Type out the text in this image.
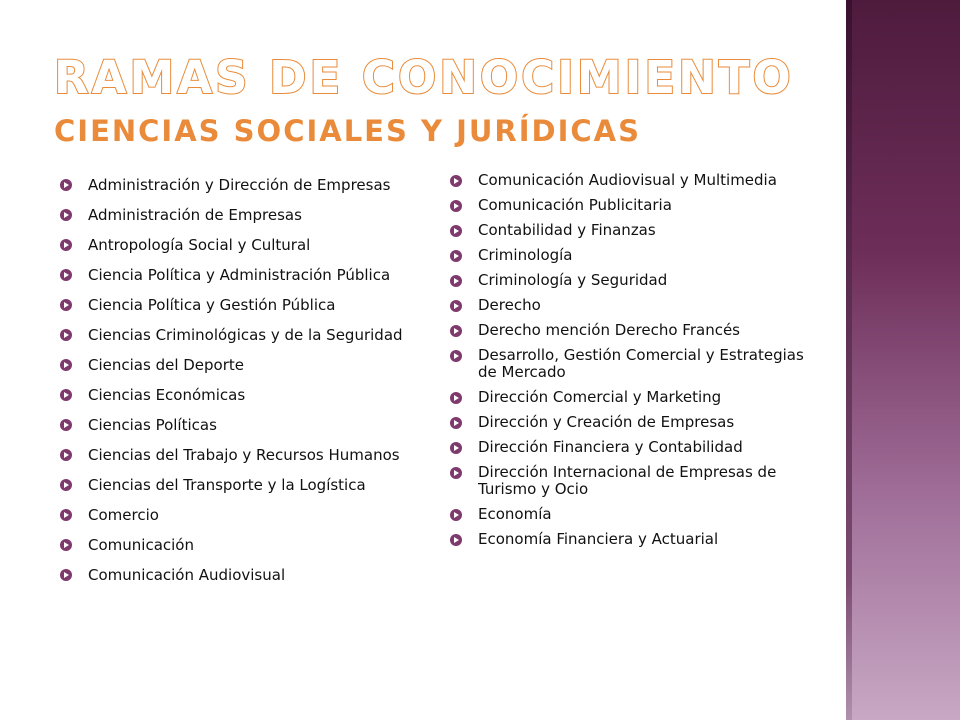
RAMAS DE CONOCIMIENTO
CIENCIAS SOCIALES Y JURÍDICAS
Administración y Dirección de Empresas
Administración de Empresas
Antropología Social y Cultural
Ciencia Política y Administración Pública
Ciencia Política y Gestión Pública
Ciencias Criminológicas y de la Seguridad
Ciencias del Deporte
Ciencias Económicas
Ciencias Políticas
Ciencias del Trabajo y Recursos Humanos
Ciencias del Transporte y la Logística
Comercio
Comunicación
Comunicación Audiovisual
Comunicación Audiovisual y Multimedia
Comunicación Publicitaria
Contabilidad y Finanzas
Criminología
Criminología y Seguridad
Derecho
Derecho mención Derecho Francés
Desarrollo, Gestión Comercial y Estrategias de Mercado
Dirección Comercial y Marketing
Dirección y Creación de Empresas
Dirección Financiera y Contabilidad
Dirección Internacional de Empresas de Turismo y Ocio
Economía
Economía Financiera y Actuarial
